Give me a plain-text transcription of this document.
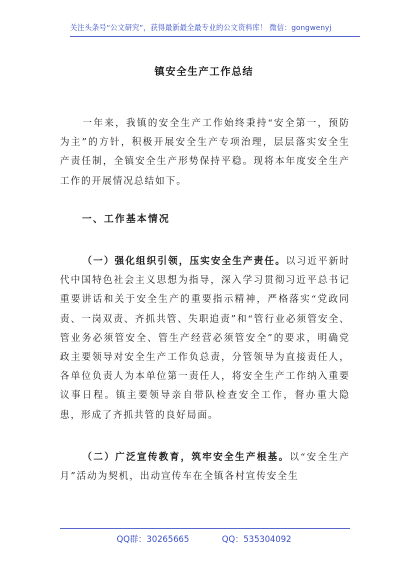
关注头条号“公文研究”，获得最新最全最专业的公文资料库！ 微信：gongwenyj
镇安全生产工作总结
一年来，我镇的安全生产工作始终秉持“安全第一，预防为主”的方针，积极开展安全生产专项治理，层层落实安全生产责任制，全镇安全生产形势保持平稳。现将本年度安全生产工作的开展情况总结如下。
一、工作基本情况
（一）强化组织引领，压实安全生产责任。以习近平新时代中国特色社会主义思想为指导，深入学习贯彻习近平总书记重要讲话和关于安全生产的重要指示精神，严格落实“党政同责、一岗双责、齐抓共管、失职追责”和“管行业必须管安全、管业务必须管安全、管生产经营必须管安全”的要求，明确党政主要领导对安全生产工作负总责，分管领导为直接责任人，各单位负责人为本单位第一责任人，将安全生产工作纳入重要议事日程。镇主要领导亲自带队检查安全工作，督办重大隐患，形成了齐抓共管的良好局面。
（二）广泛宣传教育，筑牢安全生产根基。以“安全生产月”活动为契机，出动宣传车在全镇各村宣传安全生
QQ群：30265665	QQ：535304092
